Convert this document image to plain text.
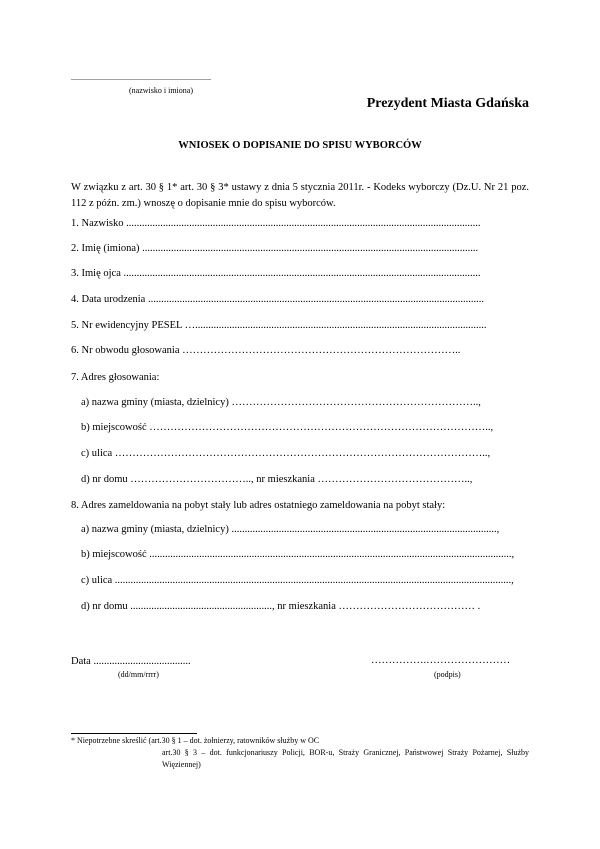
......................................................................
(nazwisko i imiona)
Prezydent Miasta Gdańska
WNIOSEK O DOPISANIE DO SPISU WYBORCÓW
W związku z art. 30 § 1* art. 30 § 3* ustawy z dnia 5 stycznia 2011r. - Kodeks wyborczy (Dz.U. Nr 21 poz. 112 z późn. zm.) wnoszę o dopisanie mnie do spisu wyborców.
1. Nazwisko .......................................................................................................................................
2. Imię (imiona) ................................................................................................................................
3. Imię ojca ........................................................................................................................................
4. Data urodzenia ................................................................................................................................
5. Nr ewidencyjny PESEL …...............................................................................................................
6. Nr obwodu głosowania ……………………………………………………………………..
7. Adres głosowania:
a) nazwa gminy (miasta, dzielnicy) ……………………………………………………………..,
b) miejscowość ……………………………………………………………………………………..,
c) ulica ……………………………………………………………………………………………..,
d) nr domu …………………………….., nr mieszkania ……………………………………..,
8. Adres zameldowania na pobyt stały lub adres ostatniego zameldowania na pobyt stały:
a) nazwa gminy (miasta, dzielnicy) .....................................................................................................,
b) miejscowość ..........................................................................................................................................,
c) ulica .......................................................................................................................................................,
d) nr domu ......................................................, nr mieszkania ………………………………… .
Data .....................................
(dd/mm/rrrr)
…………….……………………
(podpis)
* Niepotrzebne skreślić (art.30 § 1 – dot. żołnierzy, ratowników służby w OC
art.30 § 3 – dot. funkcjonariuszy Policji, BOR-u, Straży Granicznej, Państwowej Straży Pożarnej, Służby Więziennej)
